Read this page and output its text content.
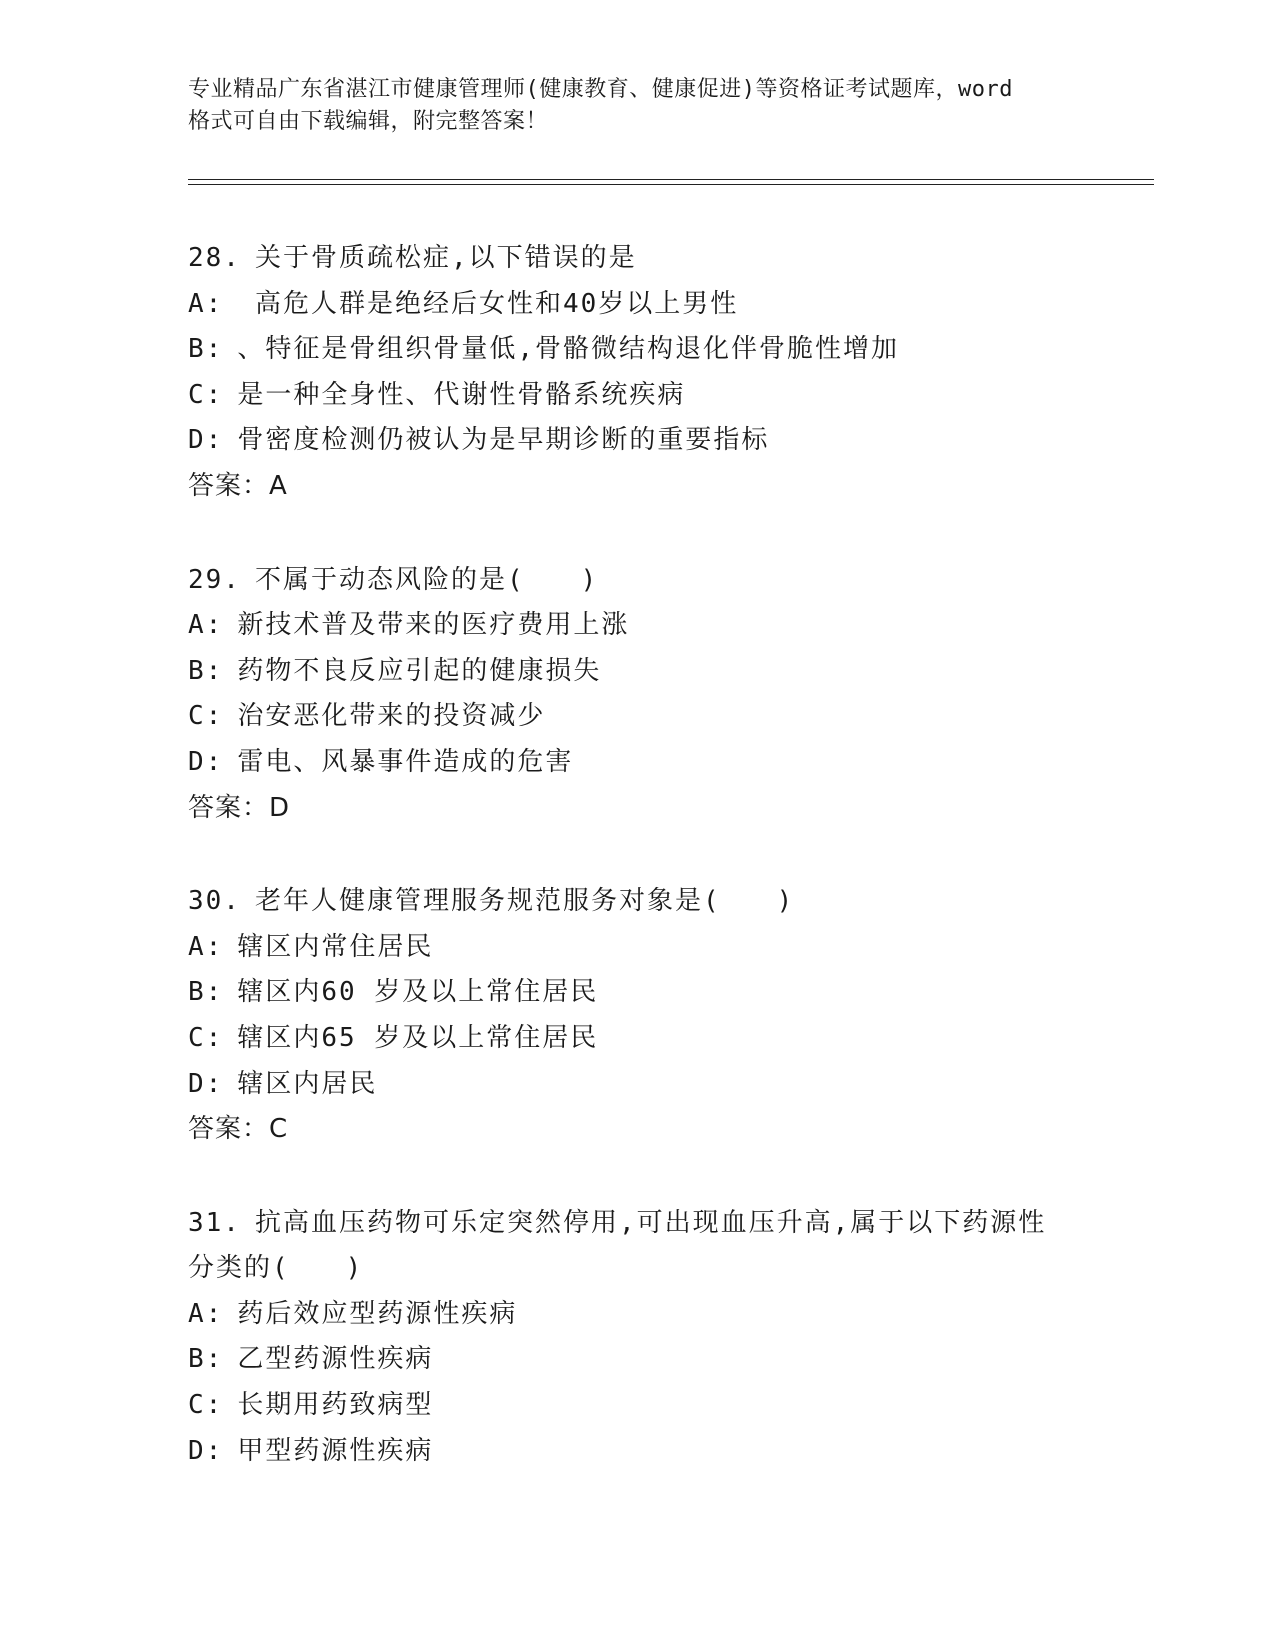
专业精品广东省湛江市健康管理师(健康教育、健康促进)等资格证考试题库，word
格式可自由下载编辑，附完整答案！
28. 关于骨质疏松症,以下错误的是
A: 高危人群是绝经后女性和40岁以上男性
B: 、特征是骨组织骨量低,骨骼微结构退化伴骨脆性增加
C: 是一种全身性、代谢性骨骼系统疾病
D: 骨密度检测仍被认为是早期诊断的重要指标
答案：A
29. 不属于动态风险的是(　　)
A: 新技术普及带来的医疗费用上涨
B: 药物不良反应引起的健康损失
C: 治安恶化带来的投资减少
D: 雷电、风暴事件造成的危害
答案：D
30. 老年人健康管理服务规范服务对象是(　　)
A: 辖区内常住居民
B: 辖区内60 岁及以上常住居民
C: 辖区内65 岁及以上常住居民
D: 辖区内居民
答案：C
31. 抗高血压药物可乐定突然停用,可出现血压升高,属于以下药源性
分类的(　　)
A: 药后效应型药源性疾病
B: 乙型药源性疾病
C: 长期用药致病型
D: 甲型药源性疾病
